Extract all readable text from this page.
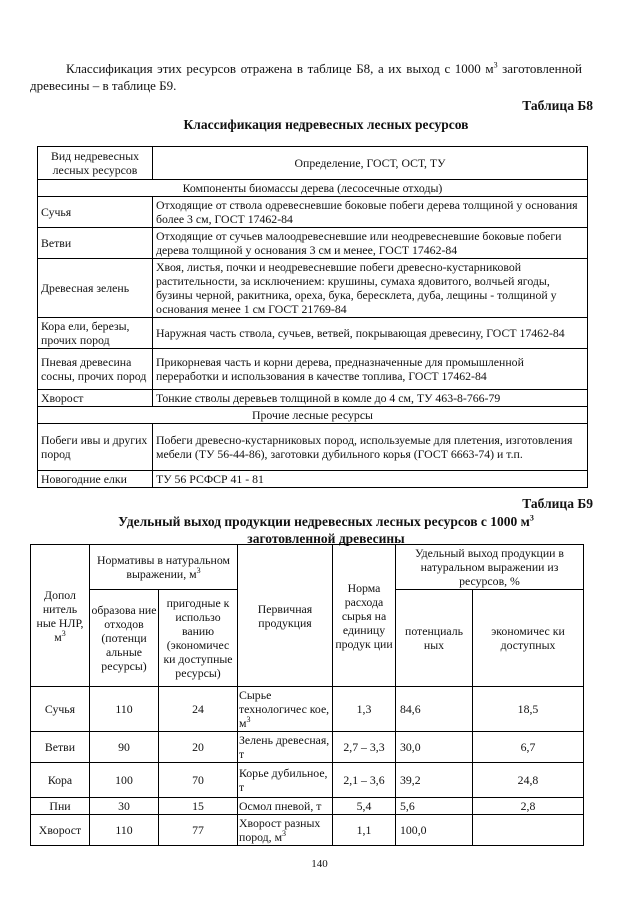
Классификация этих ресурсов отражена в таблице Б8, а их выход с 1000 $м^3$ заготовленной древесины – в таблице Б9.
Таблица Б8
Классификация недревесных лесных ресурсов
Вид недревесных лесных ресурсов	Определение, ГОСТ, ОСТ, ТУ
Компоненты биомассы дерева (лесосечные отходы)	
Сучья	Отходящие от ствола одревесневшие боковые побеги дерева толщиной у основания более 3 см, ГОСТ 17462-84
Ветви	Отходящие от сучьев малоодревесневшие или неодревесневшие боковые побеги дерева толщиной у основания 3 см и менее, ГОСТ 17462-84
Древесная зелень	Хвоя, листья, почки и неодревесневшие побеги древесно-кустарниковой растительности, за исключением: крушины, сумаха ядовитого, волчьей ягоды, бузины черной, ракитника, ореха, бука, бересклета, дуба, лещины - толщиной у основания менее 1 см ГОСТ 21769-84
Кора ели, березы, прочих пород	Наружная часть ствола, сучьев, ветвей, покрывающая древесину, ГОСТ 17462-84
Пневая древесина сосны, прочих пород	Прикорневая часть и корни дерева, предназначенные для промышленной переработки и использования в качестве топлива, ГОСТ 17462-84
Хворост	Тонкие стволы деревьев толщиной в комле до 4 см, ТУ 463-8-766-79
Прочие лесные ресурсы	
Побеги ивы и других пород	Побеги древесно-кустарниковых пород, используемые для плетения, изготовления мебели (ТУ 56-44-86), заготовки дубильного корья (ГОСТ 6663-74) и т.п.
Новогодние елки	ТУ 56 РСФСР 41 - 81
Таблица Б9
Удельный выход продукции недревесных лесных ресурсов с 1000 $м^3$
заготовленной древесины
Допол нитель ные НЛР, $м^3$	Нормативы в натуральном выражении, $м^3$		Первичная продукция	Норма расхода сырья на единицу продук ции	Удельный выход продукции в натуральном выражении из ресурсов, %	
	образова ние отходов (потенци альные ресурсы)	пригодные к использо ванию (экономичес ки доступные ресурсы)			потенциаль ных	экономичес ки доступных
Сучья	110	24	Сырье технологичес кое, $м^3$	1,3	84,6	18,5
Ветви	90	20	Зелень древесная, т	2,7 – 3,3	30,0	6,7
Кора	100	70	Корье дубильное, т	2,1 – 3,6	39,2	24,8
Пни	30	15	Осмол пневой, т	5,4	5,6	2,8
Хворост	110	77	Хворост разных пород, $м^3$	1,1	100,0	
140
